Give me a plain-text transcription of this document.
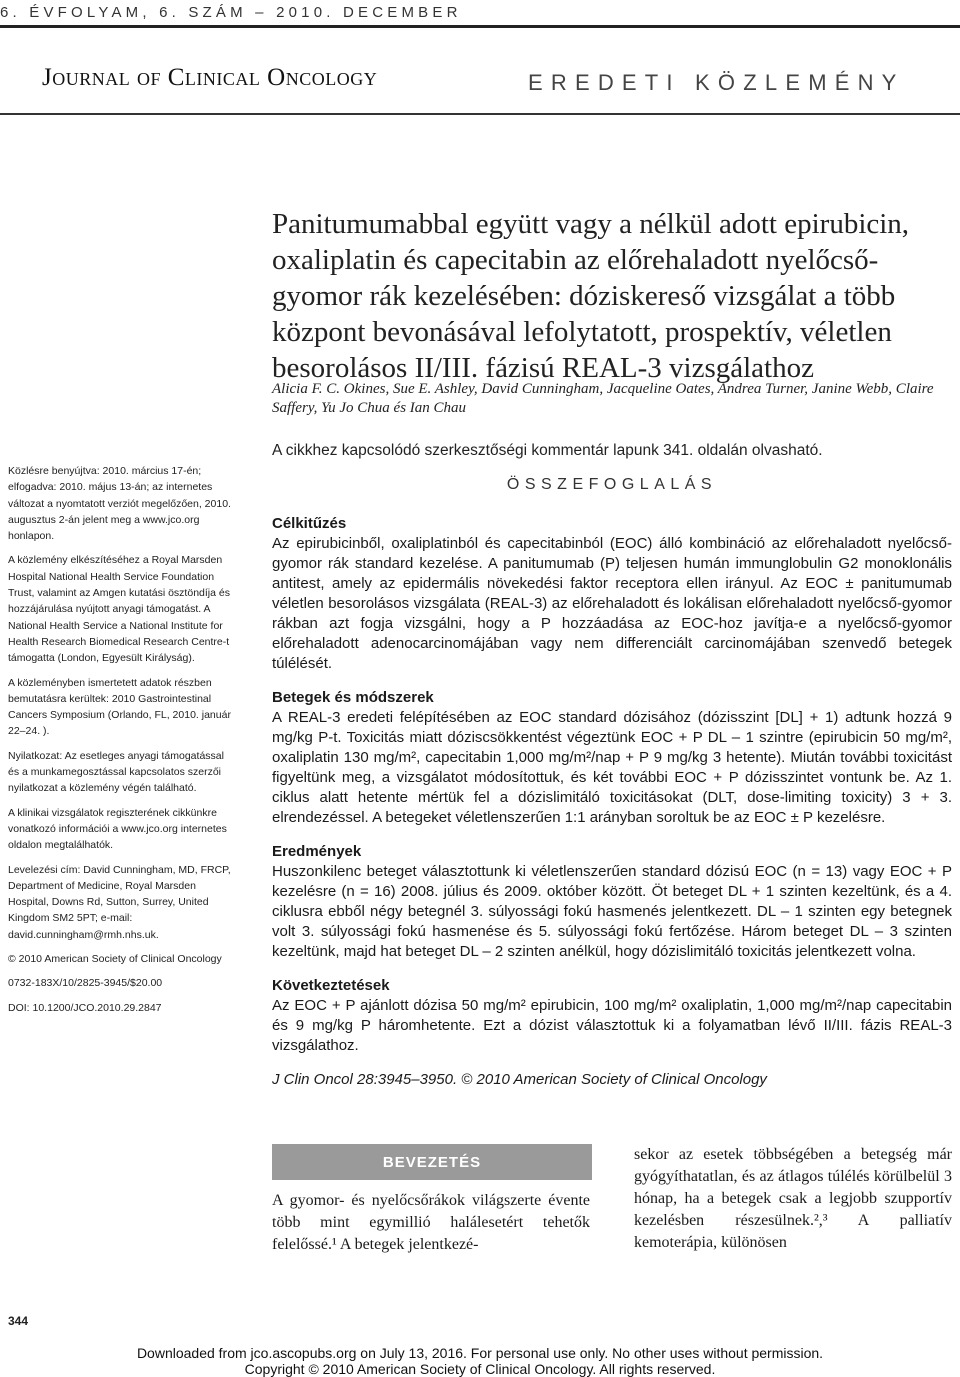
6. ÉVFOLYAM, 6. SZÁM – 2010. DECEMBER
Journal of Clinical Oncology	EREDETI KÖZLEMÉNY
Panitumumabbal együtt vagy a nélkül adott epirubicin, oxaliplatin és capecitabin az előrehaladott nyelőcső-gyomor rák kezelésében: dóziskereső vizsgálat a több központ bevonásával lefolytatott, prospektív, véletlen besorolásos II/III. fázisú REAL-3 vizsgálathoz
Alicia F. C. Okines, Sue E. Ashley, David Cunningham, Jacqueline Oates, Andrea Turner, Janine Webb, Claire Saffery, Yu Jo Chua és Ian Chau
A cikkhez kapcsolódó szerkesztőségi kommentár lapunk 341. oldalán olvasható.
ÖSSZEFOGLALÁS
Célkitűzés

Az epirubicinből, oxaliplatinból és capecitabinból (EOC) álló kombináció az előrehaladott nyelőcső-gyomor rák standard kezelése. A panitumumab (P) teljesen humán immunglobulin G2 monoklonális antitest, amely az epidermális növekedési faktor receptora ellen irányul. Az EOC ± panitumumab véletlen besorolásos vizsgálata (REAL-3) az előrehaladott és lokálisan előrehaladott nyelőcső-gyomor rákban azt fogja vizsgálni, hogy a P hozzáadása az EOC-hoz javítja-e a nyelőcső-gyomor előrehaladott adenocarcinomájában vagy nem differenciált carcinomájában szenvedő betegek túlélését.

Betegek és módszerek

A REAL-3 eredeti felépítésében az EOC standard dózisához (dózisszint [DL] + 1) adtunk hozzá 9 mg/kg P-t. Toxicitás miatt dóziscsökkentést végeztünk EOC + P DL – 1 szintre (epirubicin 50 mg/m², oxaliplatin 130 mg/m², capecitabin 1,000 mg/m²/nap + P 9 mg/kg 3 hetente). Miután további toxicitást figyeltünk meg, a vizsgálatot módosítottuk, és két további EOC + P dózisszintet vontunk be. Az 1. ciklus alatt hetente mértük fel a dózislimitáló toxicitásokat (DLT, dose-limiting toxicity) 3 + 3. elrendezéssel. A betegeket véletlenszerűen 1:1 arányban soroltuk be az EOC ± P kezelésre.

Eredmények

Huszonkilenc beteget választottunk ki véletlenszerűen standard dózisú EOC (n = 13) vagy EOC + P kezelésre (n = 16) 2008. július és 2009. október között. Öt beteget DL + 1 szinten kezeltünk, és a 4. ciklusra ebből négy betegnél 3. súlyossági fokú hasmenés jelentkezett. DL – 1 szinten egy betegnek volt 3. súlyossági fokú hasmenése és 5. súlyossági fokú fertőzése. Három beteget DL – 3 szinten kezeltünk, majd hat beteget DL – 2 szinten anélkül, hogy dózislimitáló toxicitás jelentkezett volna.

Következtetések

Az EOC + P ajánlott dózisa 50 mg/m² epirubicin, 100 mg/m² oxaliplatin, 1,000 mg/m²/nap capecitabin és 9 mg/kg P háromhetente. Ezt a dózist választottuk ki a folyamatban lévő II/III. fázis REAL-3 vizsgálathoz.

J Clin Oncol 28:3945–3950. © 2010 American Society of Clinical Oncology

Közlésre benyújtva: 2010. március 17-én; elfogadva: 2010. május 13-án; az internetes változat a nyomtatott verziót megelőzően, 2010. augusztus 2-án jelent meg a www.jco.org honlapon.

A közlemény elkészítéséhez a Royal Marsden Hospital National Health Service Foundation Trust, valamint az Amgen kutatási ösztöndíja és hozzájárulása nyújtott anyagi támogatást. A National Health Service a National Institute for Health Research Biomedical Research Centre-t támogatta (London, Egyesült Királyság).

A közleményben ismertetett adatok részben bemutatásra kerültek: 2010 Gastrointestinal Cancers Symposium (Orlando, FL, 2010. január 22–24. ).

Nyilatkozat: Az esetleges anyagi támogatással és a munkamegosztással kapcsolatos szerzői nyilatkozat a közlemény végén található.

A klinikai vizsgálatok regiszterének cikkünkre vonatkozó információi a www.jco.org internetes oldalon megtalálhatók.

Levelezési cím: David Cunningham, MD, FRCP, Department of Medicine, Royal Marsden Hospital, Downs Rd, Sutton, Surrey, United Kingdom SM2 5PT; e-mail: david.cunningham@rmh.nhs.uk.

© 2010 American Society of Clinical Oncology

0732-183X/10/2825-3945/$20.00

DOI: 10.1200/JCO.2010.29.2847

BEVEZETÉS
A gyomor- és nyelőcsőrákok világszerte évente több mint egymillió halálesetért tehetők felelőssé.¹ A betegek jelentkezé-
sekor az esetek többségében a betegség már gyógyíthatatlan, és az átlagos túlélés körülbelül 3 hónap, ha a betegek csak a legjobb szupportív kezelésben részesülnek.²,³ A palliatív kemoterápia, különösen
344
Downloaded from jco.ascopubs.org on July 13, 2016. For personal use only. No other uses without permission.
Copyright © 2010 American Society of Clinical Oncology. All rights reserved.
